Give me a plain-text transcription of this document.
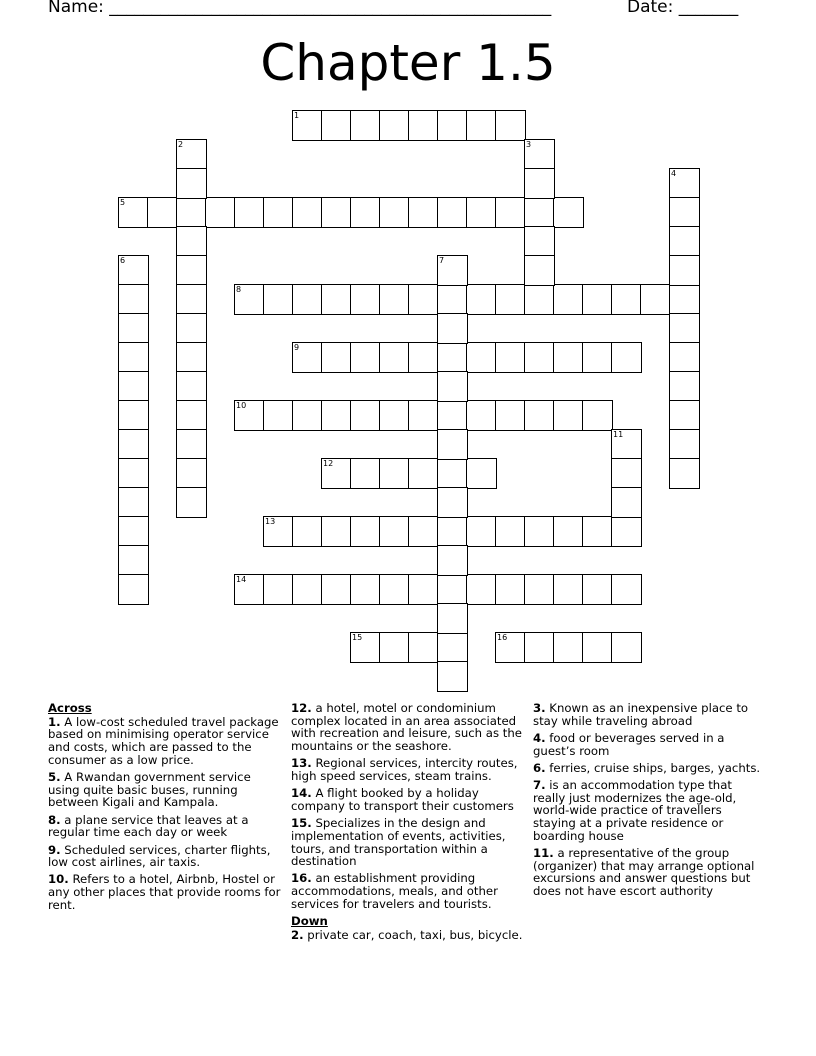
Name: ____________________________________________________	Date: _______
Chapter 1.5
1
5
8
9
10
12
13
14
15	16
2	3
4
6	7
11
Across
1. A low-cost scheduled travel package based on minimising operator service and costs, which are passed to the consumer as a low price.
5. A Rwandan government service using quite basic buses, running between Kigali and Kampala.
8. a plane service that leaves at a regular time each day or week
9. Scheduled services, charter flights, low cost airlines, air taxis.
10. Refers to a hotel, Airbnb, Hostel or any other places that provide rooms for rent.
12. a hotel, motel or condominium complex located in an area associated with recreation and leisure, such as the mountains or the seashore.
13. Regional services, intercity routes, high speed services, steam trains.
14. A flight booked by a holiday company to transport their customers
15. Specializes in the design and implementation of events, activities, tours, and transportation within a destination
16. an establishment providing accommodations, meals, and other services for travelers and tourists.
Down
2. private car, coach, taxi, bus, bicycle.
3. Known as an inexpensive place to stay while traveling abroad
4. food or beverages served in a guest’s room
6. ferries, cruise ships, barges, yachts.
7. is an accommodation type that really just modernizes the age-old, world-wide practice of travellers staying at a private residence or boarding house
11. a representative of the group (organizer) that may arrange optional excursions and answer questions but does not have escort authority
